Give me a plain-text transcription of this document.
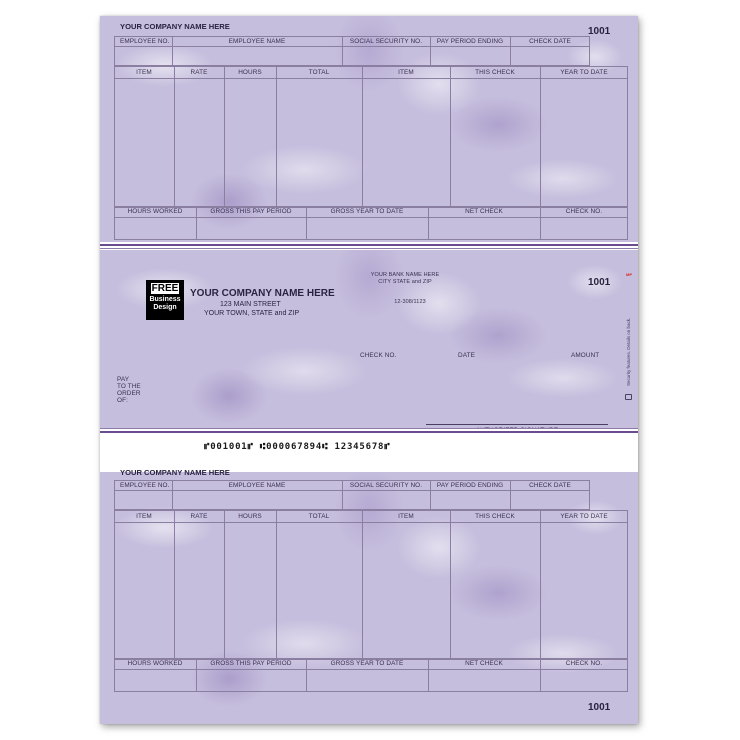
YOUR COMPANY NAME HERE	1001
EMPLOYEE NO.	EMPLOYEE NAME	SOCIAL SECURITY NO.	PAY PERIOD ENDING	CHECK DATE
ITEM	RATE	HOURS	TOTAL	ITEM	THIS CHECK	YEAR TO DATE
HOURS WORKED	GROSS THIS PAY PERIOD	GROSS YEAR TO DATE	NET CHECK	CHECK NO.
FREE
Business
Design
YOUR COMPANY NAME HERE
123 MAIN STREET
YOUR TOWN, STATE and ZIP
YOUR BANK NAME HERE
CITY STATE and ZIP
12-308/1123
1001
MP
CHECK NO.	DATE	AMOUNT
PAY
TO THE
ORDER
OF:
Security features. Details on back.
⑈001001⑈ ⑆000067894⑆ 12345678⑈
YOUR COMPANY NAME HERE
EMPLOYEE NO.	EMPLOYEE NAME	SOCIAL SECURITY NO.	PAY PERIOD ENDING	CHECK DATE
ITEM	RATE	HOURS	TOTAL	ITEM	THIS CHECK	YEAR TO DATE
HOURS WORKED	GROSS THIS PAY PERIOD	GROSS YEAR TO DATE	NET CHECK	CHECK NO.
1001
